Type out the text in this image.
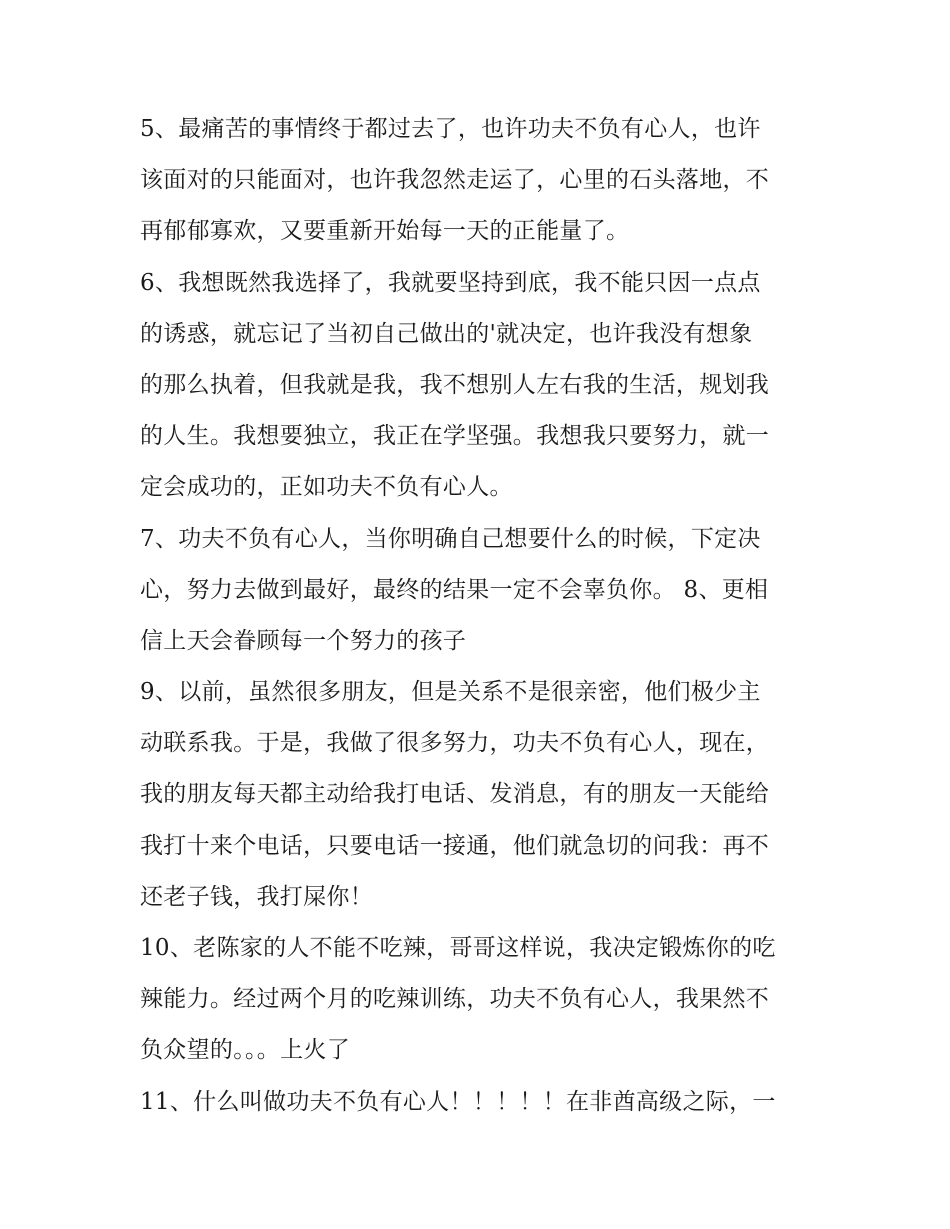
5、最痛苦的事情终于都过去了，也许功夫不负有心人，也许
该面对的只能面对，也许我忽然走运了，心里的石头落地，不
再郁郁寡欢，又要重新开始每一天的正能量了。
6、我想既然我选择了，我就要坚持到底，我不能只因一点点
的诱惑，就忘记了当初自己做出的'就决定，也许我没有想象
的那么执着，但我就是我，我不想别人左右我的生活，规划我
的人生。我想要独立，我正在学坚强。我想我只要努力，就一
定会成功的，正如功夫不负有心人。
7、功夫不负有心人，当你明确自己想要什么的时候，下定决
心，努力去做到最好，最终的结果一定不会辜负你。 8、更相
信上天会眷顾每一个努力的孩子
9、以前，虽然很多朋友，但是关系不是很亲密，他们极少主
动联系我。于是，我做了很多努力，功夫不负有心人，现在，
我的朋友每天都主动给我打电话、发消息，有的朋友一天能给
我打十来个电话，只要电话一接通，他们就急切的问我：再不
还老子钱，我打屎你！
10、老陈家的人不能不吃辣，哥哥这样说，我决定锻炼你的吃
辣能力。经过两个月的吃辣训练，功夫不负有心人，我果然不
负众望的。。。上火了
11、什么叫做功夫不负有心人！！！！！在非酋高级之际，一
